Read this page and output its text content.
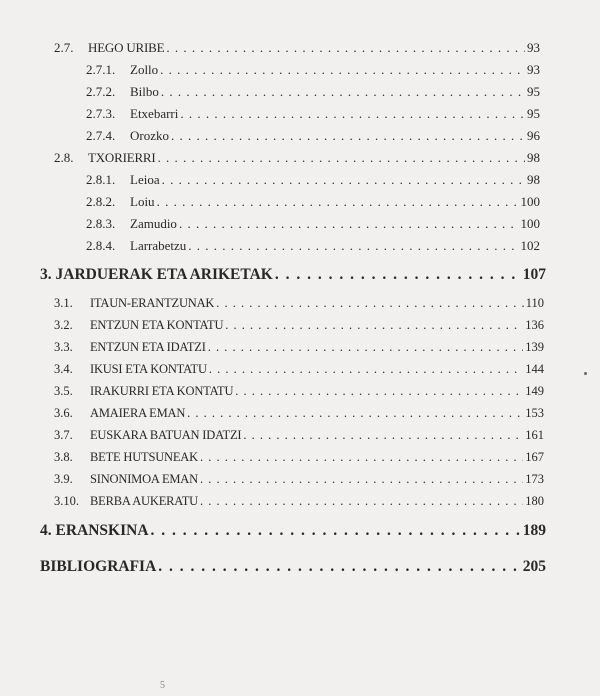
2.7.	HEGO URIBE . . .	93
2.7.1.	Zollo . . .	93
2.7.2.	Bilbo . . .	95
2.7.3.	Etxebarri . . .	95
2.7.4.	Orozko . . .	96
2.8.	TXORIERRI . . .	98
2.8.1.	Leioa . . .	98
2.8.2.	Loiu . . .	100
2.8.3.	Zamudio . . .	100
2.8.4.	Larrabetzu . . .	102
3. JARDUERAK ETA ARIKETAK . . .	107
3.1.	ITAUN-ERANTZUNAK . . .	110
3.2.	ENTZUN ETA KONTATU . . .	136
3.3.	ENTZUN ETA IDATZI . . .	139
3.4.	IKUSI ETA KONTATU . . .	144
3.5.	IRAKURRI ETA KONTATU . . .	149
3.6.	AMAIERA EMAN . . .	153
3.7.	EUSKARA BATUAN IDATZI . . .	161
3.8.	BETE HUTSUNEAK . . .	167
3.9.	SINONIMOA EMAN . . .	173
3.10. BERBA AUKERATU . . .	180
4. ERANSKINA . . .	189
BIBLIOGRAFIA . . .	205
5
